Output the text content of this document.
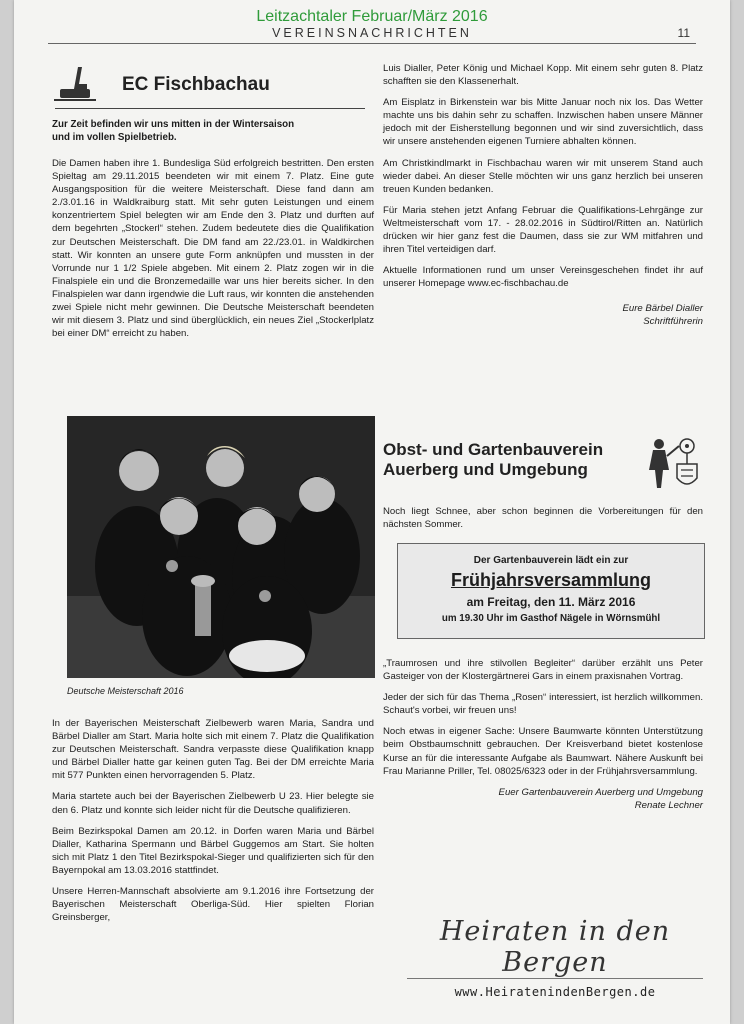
Leitzachtaler Februar/März 2016
VEREINSNACHRICHTEN	11
EC Fischbachau

Zur Zeit befinden wir uns mitten in der Wintersaison

und im vollen Spielbetrieb.

Die Damen haben ihre 1. Bundesliga Süd erfolgreich bestritten. Den ersten Spieltag am 29.11.2015 beendeten wir mit einem 7. Platz. Eine gute Ausgangsposition für die weitere Meisterschaft. Diese fand dann am 2./3.01.16 in Waldkraiburg statt. Mit sehr guten Leistungen und einem konzentriertem Spiel belegten wir am Ende den 3. Platz und durften auf dem begehrten „Stockerl“ stehen. Zudem bedeutete dies die Qualifikation zur Deutschen Meisterschaft. Die DM fand am 22./23.01. in Waldkirchen statt. Wir konnten an unsere gute Form anknüpfen und mussten in der Vorrunde nur 1 1/2 Spiele abgeben. Mit einem 2. Platz zogen wir in die Finalspiele ein und die Bronzemedaille war uns hier bereits sicher. In den Finalspielen war dann irgendwie die Luft raus, wir konnten die anstehenden zwei Spiele nicht mehr gewinnen. Die Deutsche Meisterschaft beendeten wir mit diesem 3. Platz und sind überglücklich, ein neues Ziel „Stockerlplatz bei einer DM“ erreicht zu haben.

Deutsche Meisterschaft 2016

In der Bayerischen Meisterschaft Zielbewerb waren Maria, Sandra und Bärbel Dialler am Start. Maria holte sich mit einem 7. Platz die Qualifikation zur Deutschen Meisterschaft. Sandra verpasste diese Qualifikation knapp und Bärbel Dialler hatte gar keinen guten Tag. Bei der DM erreichte Maria mit 577 Punkten einen hervorragenden 5. Platz.

Maria startete auch bei der Bayerischen Zielbewerb U 23. Hier belegte sie den 6. Platz und konnte sich leider nicht für die Deutsche qualifizieren.

Beim Bezirkspokal Damen am 20.12. in Dorfen waren Maria und Bärbel Dialler, Katharina Spermann und Bärbel Guggemos am Start. Sie holten sich mit Platz 1 den Titel Bezirkspokal-Sieger und qualifizierten sich für den Bayernpokal am 13.03.2016 stattfindet.

Unsere Herren-Mannschaft absolvierte am 9.1.2016 ihre Fortsetzung der Bayerischen Meisterschaft Oberliga-Süd. Hier spielten Florian Greinsberger,

Luis Dialler, Peter König und Michael Kopp. Mit einem sehr guten 8. Platz schafften sie den Klassenerhalt.

Am Eisplatz in Birkenstein war bis Mitte Januar noch nix los. Das Wetter machte uns bis dahin sehr zu schaffen. Inzwischen haben unsere Männer jedoch mit der Eisherstellung begonnen und wir sind zuversichtlich, dass wir unsere anstehenden eigenen Turniere abhalten können.

Am Christkindlmarkt in Fischbachau waren wir mit unserem Stand auch wieder dabei. An dieser Stelle möchten wir uns ganz herzlich bei unseren treuen Kunden bedanken.

Für Maria stehen jetzt Anfang Februar die Qualifikations-Lehrgänge zur Weltmeisterschaft vom 17. - 28.02.2016 in Südtirol/Ritten an. Natürlich drücken wir hier ganz fest die Daumen, dass sie zur WM mitfahren und ihren Titel verteidigen darf.

Aktuelle Informationen rund um unser Vereinsgeschehen findet ihr auf unserer Homepage www.ec-fischbachau.de

Eure Bärbel Dialler

Schriftführerin

Obst- und Gartenbauverein
Auerberg und Umgebung

Noch liegt Schnee, aber schon beginnen die Vorbereitungen für den nächsten Sommer.

Der Gartenbauverein lädt ein zur
Frühjahrsversammlung
am Freitag, den 11. März 2016
um 19.30 Uhr im Gasthof Nägele in Wörnsmühl

„Traumrosen und ihre stilvollen Begleiter“ darüber erzählt uns Peter Gasteiger von der Klostergärtnerei Gars in einem praxisnahen Vortrag.

Jeder der sich für das Thema „Rosen“ interessiert, ist herzlich willkommen. Schaut's vorbei, wir freuen uns!

Noch etwas in eigener Sache: Unsere Baumwarte könnten Unterstützung beim Obstbaumschnitt gebrauchen. Der Kreisverband bietet kostenlose Kurse an für die interessante Aufgabe als Baumwart. Nähere Auskunft bei Frau Marianne Priller, Tel. 08025/6323 oder in der Frühjahrsversammlung.

Euer Gartenbauverein Auerberg und Umgebung

Renate Lechner

Heiraten in den Bergen
www.HeiratenindenBergen.de
